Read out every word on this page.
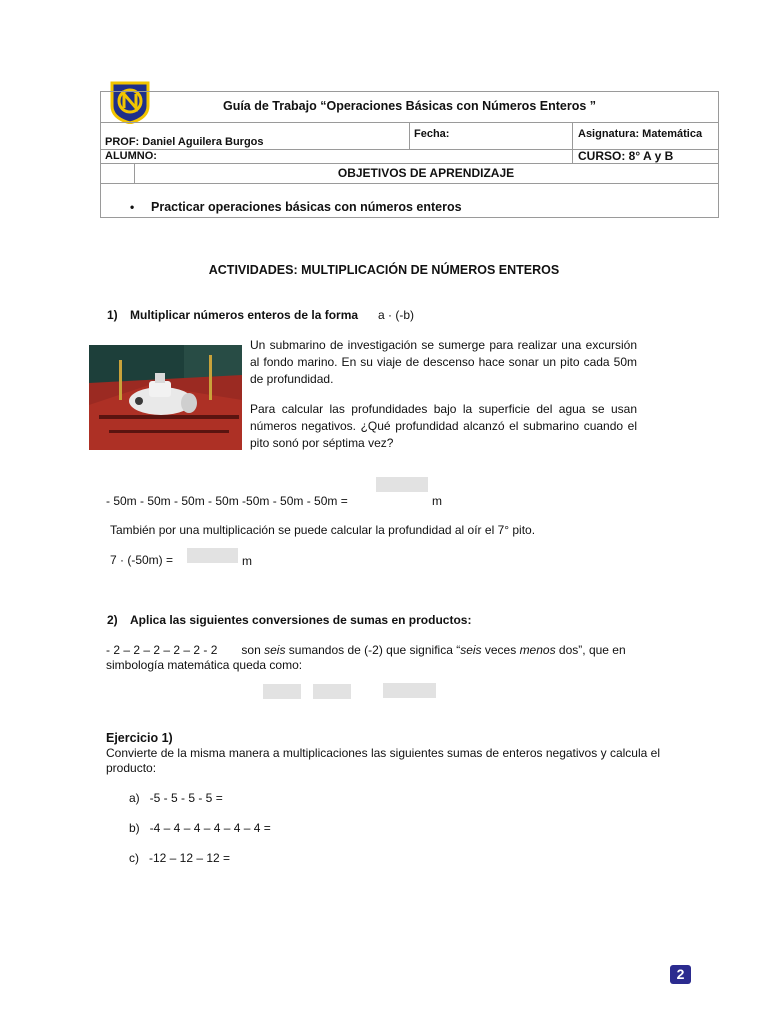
Guía de Trabajo “Operaciones Básicas con Números Enteros ”
PROF: Daniel Aguilera Burgos
Fecha:	Asignatura: Matemática
ALUMNO:	CURSO: 8° A y B
OBJETIVOS DE APRENDIZAJE
• Practicar operaciones básicas con números enteros
ACTIVIDADES: MULTIPLICACIÓN DE NÚMEROS ENTEROS
1) Multiplicar números enteros de la forma a · (-b)
Un submarino de investigación se sumerge para realizar una excursión al fondo marino. En su viaje de descenso hace sonar un pito cada 50m de profundidad.
Para calcular las profundidades bajo la superficie del agua se usan números negativos. ¿Qué profundidad alcanzó el submarino cuando el pito sonó por séptima vez?
- 50m - 50m - 50m - 50m -50m - 50m - 50m =	m
También por una multiplicación se puede calcular la profundidad al oír el 7° pito.
7 · (-50m) =	m
2) Aplica las siguientes conversiones de sumas en productos:
- 2 – 2 – 2 – 2 – 2 - 2 son seis sumandos de (-2) que significa “seis veces menos dos”, que en
simbología matemática queda como:
Ejercicio 1)
Convierte de la misma manera a multiplicaciones las siguientes sumas de enteros negativos y calcula el producto:
a) -5 - 5 - 5 - 5 =
b) -4 – 4 – 4 – 4 – 4 – 4 =
c) -12 – 12 – 12 =
2
